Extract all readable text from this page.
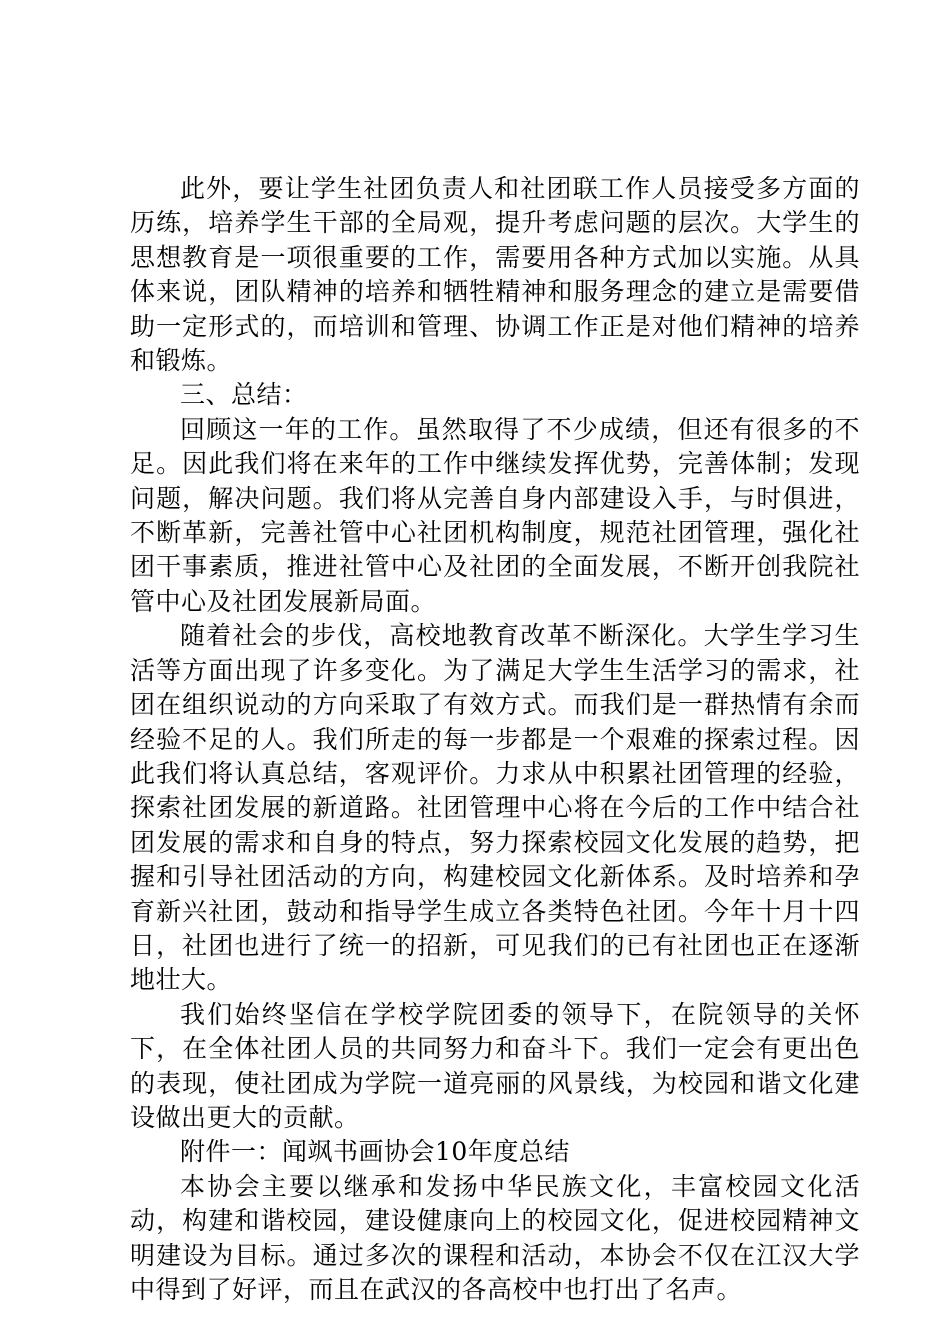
此外，要让学生社团负责人和社团联工作人员接受多方面的历练，培养学生干部的全局观，提升考虑问题的层次。大学生的思想教育是一项很重要的工作，需要用各种方式加以实施。从具体来说，团队精神的培养和牺牲精神和服务理念的建立是需要借助一定形式的，而培训和管理、协调工作正是对他们精神的培养和锻炼。

三、总结：

回顾这一年的工作。虽然取得了不少成绩，但还有很多的不足。因此我们将在来年的工作中继续发挥优势，完善体制；发现问题，解决问题。我们将从完善自身内部建设入手，与时俱进，不断革新，完善社管中心社团机构制度，规范社团管理，强化社团干事素质，推进社管中心及社团的全面发展，不断开创我院社管中心及社团发展新局面。

随着社会的步伐，高校地教育改革不断深化。大学生学习生活等方面出现了许多变化。为了满足大学生生活学习的需求，社团在组织说动的方向采取了有效方式。而我们是一群热情有余而经验不足的人。我们所走的每一步都是一个艰难的探索过程。因此我们将认真总结，客观评价。力求从中积累社团管理的经验，探索社团发展的新道路。社团管理中心将在今后的工作中结合社团发展的需求和自身的特点，努力探索校园文化发展的趋势，把握和引导社团活动的方向，构建校园文化新体系。及时培养和孕育新兴社团，鼓动和指导学生成立各类特色社团。今年十月十四日，社团也进行了统一的招新，可见我们的已有社团也正在逐渐地壮大。

我们始终坚信在学校学院团委的领导下，在院领导的关怀下，在全体社团人员的共同努力和奋斗下。我们一定会有更出色的表现，使社团成为学院一道亮丽的风景线，为校园和谐文化建设做出更大的贡献。

附件一：闻飒书画协会10年度总结

本协会主要以继承和发扬中华民族文化，丰富校园文化活动，构建和谐校园，建设健康向上的校园文化，促进校园精神文明建设为目标。通过多次的课程和活动，本协会不仅在江汉大学中得到了好评，而且在武汉的各高校中也打出了名声。
